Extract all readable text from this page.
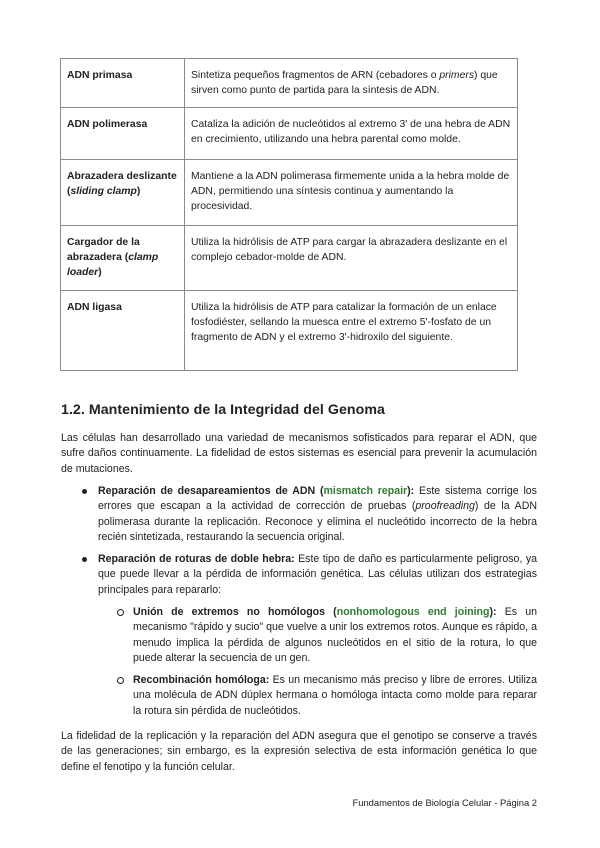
ADN primasa	Sintetiza pequeños fragmentos de ARN (cebadores o primers) que sirven como punto de partida para la síntesis de ADN.
ADN polimerasa	Cataliza la adición de nucleótidos al extremo 3' de una hebra de ADN en crecimiento, utilizando una hebra parental como molde.
Abrazadera deslizante (sliding clamp)	Mantiene a la ADN polimerasa firmemente unida a la hebra molde de ADN, permitiendo una síntesis continua y aumentando la procesividad.
Cargador de la abrazadera (clamp loader)	Utiliza la hidrólisis de ATP para cargar la abrazadera deslizante en el complejo cebador-molde de ADN.
ADN ligasa	Utiliza la hidrólisis de ATP para catalizar la formación de un enlace fosfodiéster, sellando la muesca entre el extremo 5'-fosfato de un fragmento de ADN y el extremo 3'-hidroxilo del siguiente.
1.2. Mantenimiento de la Integridad del Genoma

Las células han desarrollado una variedad de mecanismos sofisticados para reparar el ADN, que sufre daños continuamente. La fidelidad de estos sistemas es esencial para prevenir la acumulación de mutaciones.

Reparación de desapareamientos de ADN (mismatch repair): Este sistema corrige los errores que escapan a la actividad de corrección de pruebas (proofreading) de la ADN polimerasa durante la replicación. Reconoce y elimina el nucleótido incorrecto de la hebra recién sintetizada, restaurando la secuencia original.
Reparación de roturas de doble hebra: Este tipo de daño es particularmente peligroso, ya que puede llevar a la pérdida de información genética. Las células utilizan dos estrategias principales para repararlo:
Unión de extremos no homólogos (nonhomologous end joining): Es un mecanismo "rápido y sucio" que vuelve a unir los extremos rotos. Aunque es rápido, a menudo implica la pérdida de algunos nucleótidos en el sitio de la rotura, lo que puede alterar la secuencia de un gen.
Recombinación homóloga: Es un mecanismo más preciso y libre de errores. Utiliza una molécula de ADN dúplex hermana o homóloga intacta como molde para reparar la rotura sin pérdida de nucleótidos.

La fidelidad de la replicación y la reparación del ADN asegura que el genotipo se conserve a través de las generaciones; sin embargo, es la expresión selectiva de esta información genética lo que define el fenotipo y la función celular.

Fundamentos de Biología Celular - Página 2
